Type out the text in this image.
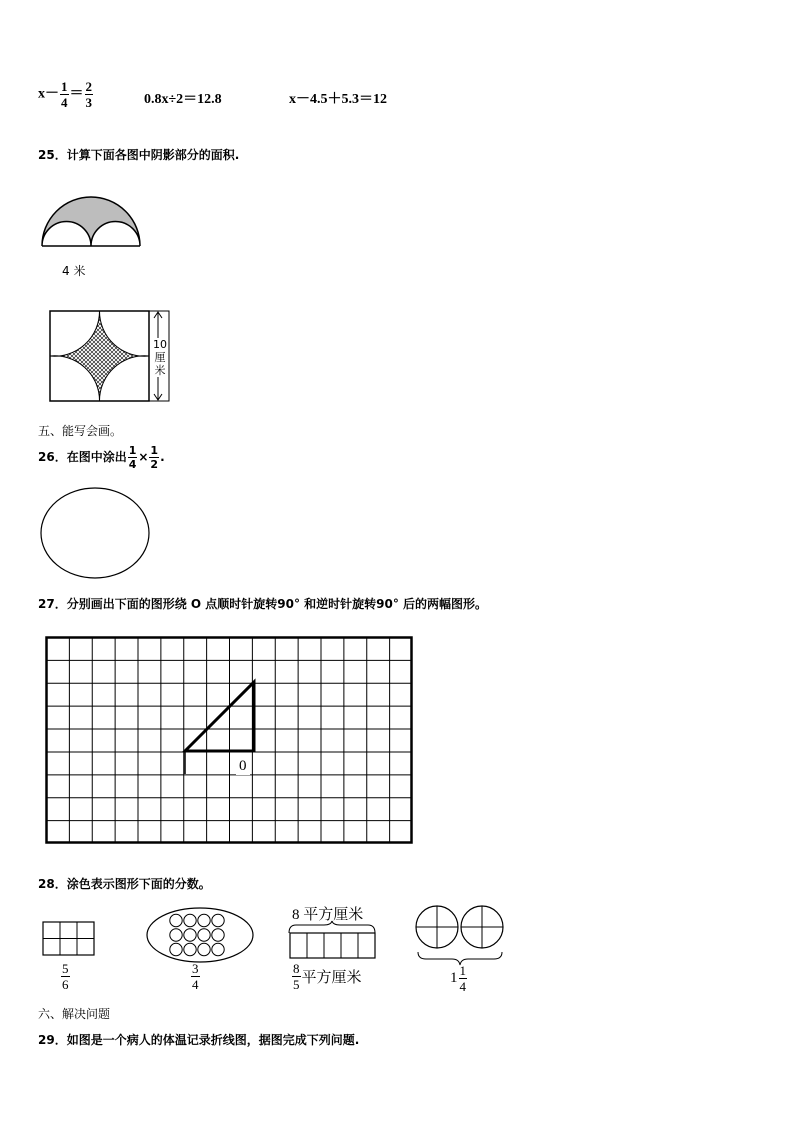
$x- \frac{1}{4} = \frac{2}{3}$	0.8x÷2＝12.8	x－4.5＋5.3＝12
25．计算下面各图中阴影部分的面积.
4 米
10
厘
米
五、能写会画。
26．在图中涂出 $\frac{1}{4} \times \frac{1}{2}$ .
27．分别画出下面的图形绕 O 点顺时针旋转90° 和逆时针旋转90° 后的两幅图形。
0
28．涂色表示图形下面的分数。
$\frac{5}{6}$	$\frac{3}{4}$
8 平方厘米
$\frac{8}{5}$ 平方厘米	$1 \frac{1}{4}$
六、解决问题
29．如图是一个病人的体温记录折线图，据图完成下列问题.
